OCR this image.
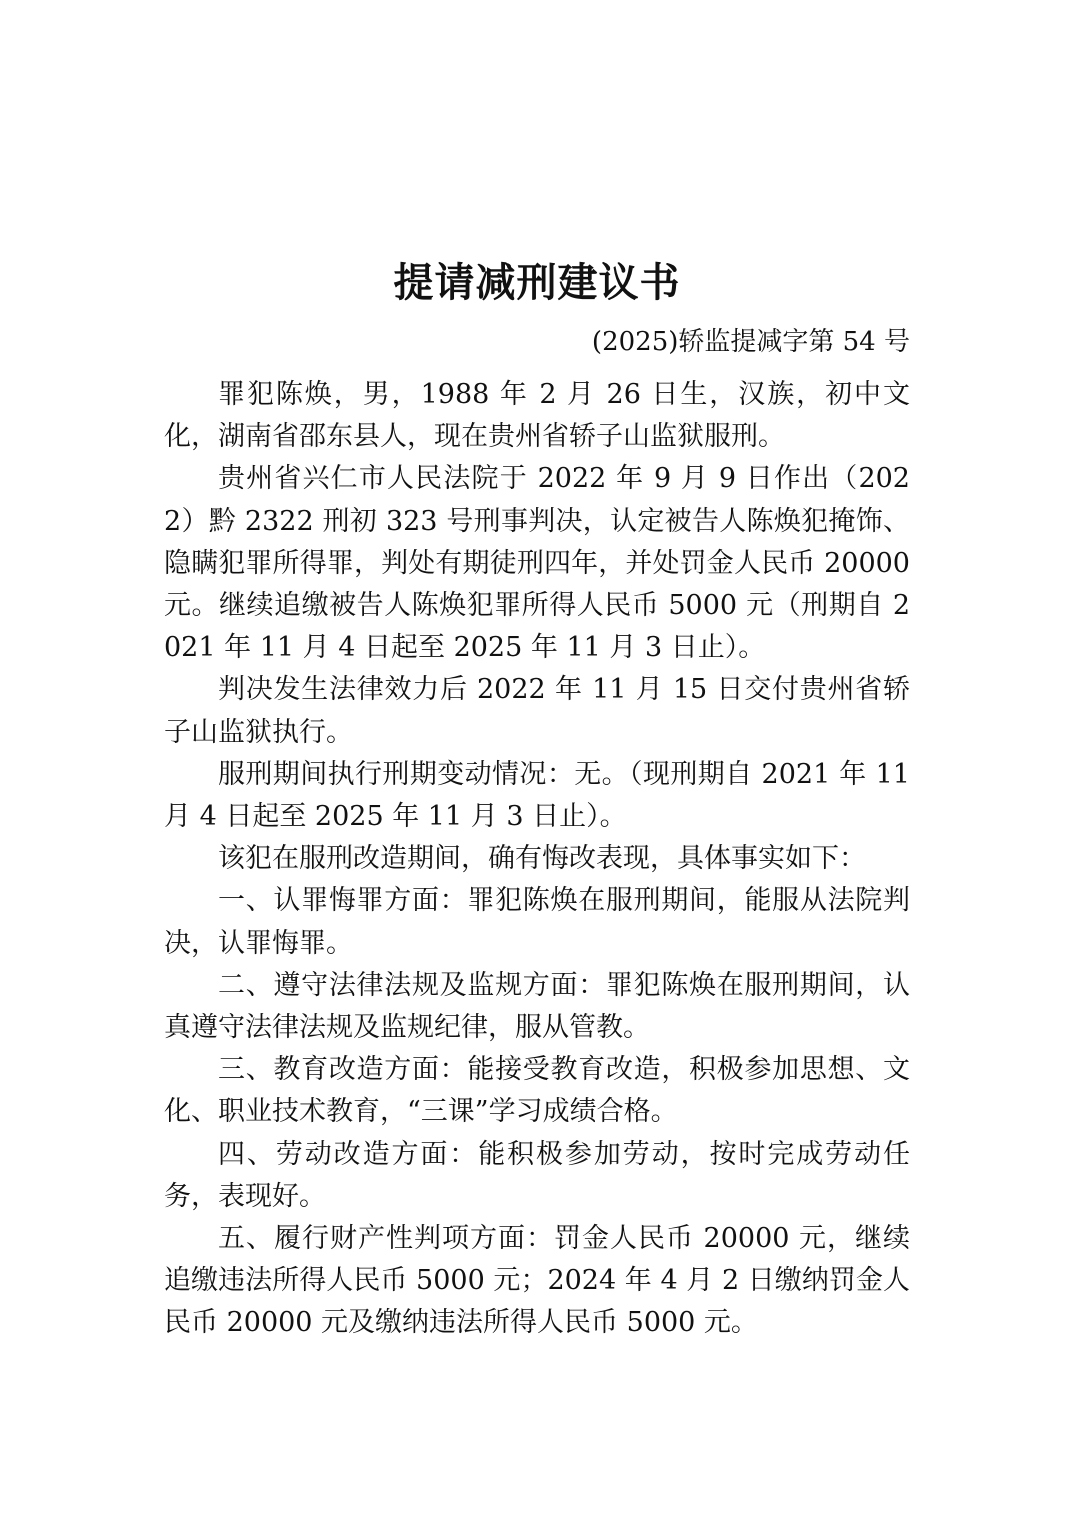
提请减刑建议书

(2025)轿监提减字第 54 号

罪犯陈焕，男，1988 年 2 月 26 日生，汉族，初中文化，湖南省邵东县人，现在贵州省轿子山监狱服刑。

贵州省兴仁市人民法院于 2022 年 9 月 9 日作出（2022）黔 2322 刑初 323 号刑事判决，认定被告人陈焕犯掩饰、隐瞒犯罪所得罪，判处有期徒刑四年，并处罚金人民币 20000 元。继续追缴被告人陈焕犯罪所得人民币 5000 元（刑期自 2021 年 11 月 4 日起至 2025 年 11 月 3 日止）。

判决发生法律效力后 2022 年 11 月 15 日交付贵州省轿子山监狱执行。

服刑期间执行刑期变动情况：无。（现刑期自 2021 年 11 月 4 日起至 2025 年 11 月 3 日止）。

该犯在服刑改造期间，确有悔改表现，具体事实如下：

一、认罪悔罪方面：罪犯陈焕在服刑期间，能服从法院判决，认罪悔罪。

二、遵守法律法规及监规方面：罪犯陈焕在服刑期间，认真遵守法律法规及监规纪律，服从管教。

三、教育改造方面：能接受教育改造，积极参加思想、文化、职业技术教育，“三课”学习成绩合格。

四、劳动改造方面：能积极参加劳动，按时完成劳动任务，表现好。

五、履行财产性判项方面：罚金人民币 20000 元，继续追缴违法所得人民币 5000 元；2024 年 4 月 2 日缴纳罚金人民币 20000 元及缴纳违法所得人民币 5000 元。
